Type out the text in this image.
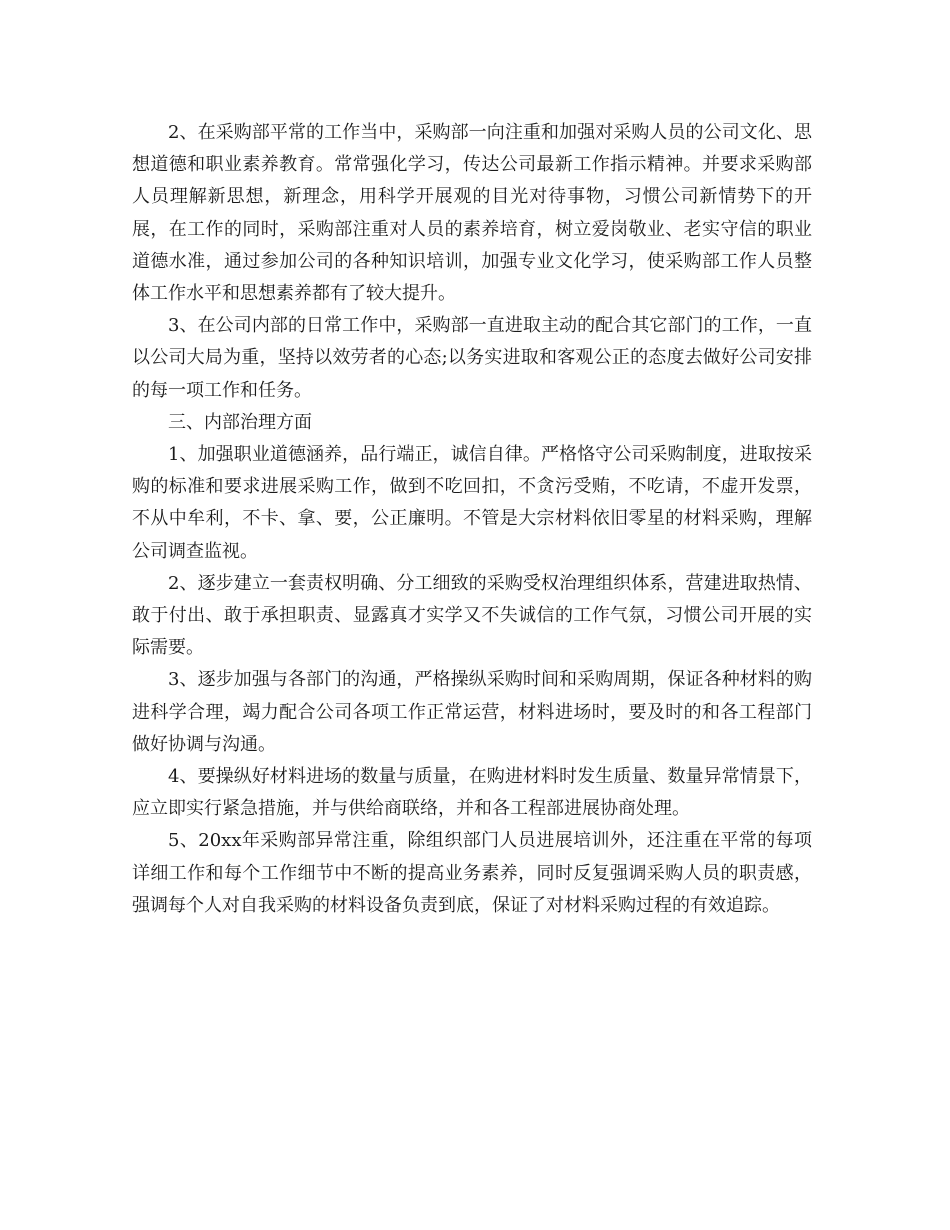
2、在采购部平常的工作当中，采购部一向注重和加强对采购人员的公司文化、思想道德和职业素养教育。常常强化学习，传达公司最新工作指示精神。并要求采购部人员理解新思想，新理念，用科学开展观的目光对待事物，习惯公司新情势下的开展，在工作的同时，采购部注重对人员的素养培育，树立爱岗敬业、老实守信的职业道德水准，通过参加公司的各种知识培训，加强专业文化学习，使采购部工作人员整体工作水平和思想素养都有了较大提升。

3、在公司内部的日常工作中，采购部一直进取主动的配合其它部门的工作，一直以公司大局为重，坚持以效劳者的心态;以务实进取和客观公正的态度去做好公司安排的每一项工作和任务。

三、内部治理方面

1、加强职业道德涵养，品行端正，诚信自律。严格恪守公司采购制度，进取按采购的标准和要求进展采购工作，做到不吃回扣，不贪污受贿，不吃请，不虚开发票，不从中牟利，不卡、拿、要，公正廉明。不管是大宗材料依旧零星的材料采购，理解公司调查监视。

2、逐步建立一套责权明确、分工细致的采购受权治理组织体系，营建进取热情、敢于付出、敢于承担职责、显露真才实学又不失诚信的工作气氛，习惯公司开展的实际需要。

3、逐步加强与各部门的沟通，严格操纵采购时间和采购周期，保证各种材料的购进科学合理，竭力配合公司各项工作正常运营，材料进场时，要及时的和各工程部门做好协调与沟通。

4、要操纵好材料进场的数量与质量，在购进材料时发生质量、数量异常情景下，应立即实行紧急措施，并与供给商联络，并和各工程部进展协商处理。

5、20xx年采购部异常注重，除组织部门人员进展培训外，还注重在平常的每项详细工作和每个工作细节中不断的提高业务素养，同时反复强调采购人员的职责感，强调每个人对自我采购的材料设备负责到底，保证了对材料采购过程的有效追踪。
